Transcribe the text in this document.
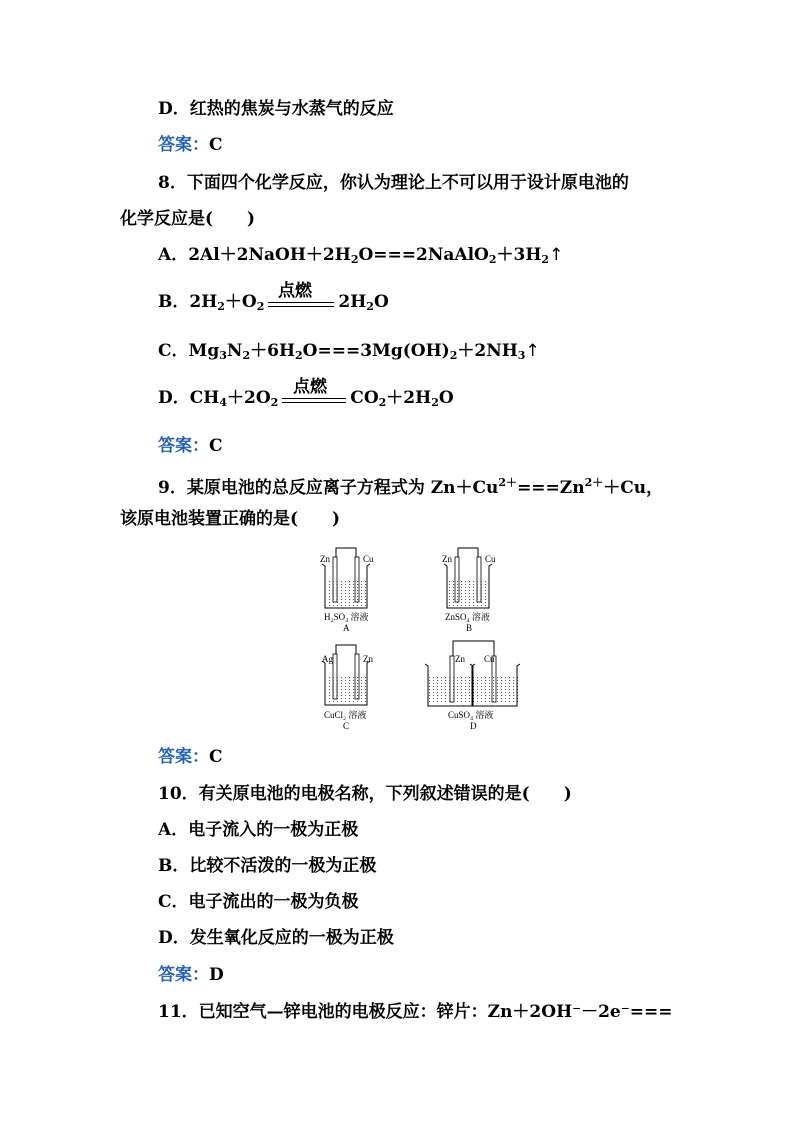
D．红热的焦炭与水蒸气的反应
答案：C
8．下面四个化学反应，你认为理论上不可以用于设计原电池的
化学反应是(　　)
A．$2Al+2NaOH+2H_2O===2NaAlO_2+3H_2↑$
点燃
B．$2H_2+O_2$	$2H_2O$
C．$Mg_3N_2+6H_2O===3Mg(OH)_2+2NH_3↑$
点燃
D．$CH_4+2O_2$	$CO_2+2H_2O$
答案：C
9．某原电池的总反应离子方程式为 $Zn+Cu^{2+}===Zn^{2+}+Cu$，
该原电池装置正确的是(　　)
Zn	Cu
H₂SO₄ 溶液
A
Zn	Cu
ZnSO₄ 溶液
B
Ag	Zn
CuCl₂ 溶液
C
Zn Cu
CuSO₄ 溶液
D
答案：C
10．有关原电池的电极名称，下列叙述错误的是(　　)
A．电子流入的一极为正极
B．比较不活泼的一极为正极
C．电子流出的一极为负极
D．发生氧化反应的一极为正极
答案：D
11．已知空气—锌电池的电极反应：锌片：Zn＋2OH⁻－2e⁻===
